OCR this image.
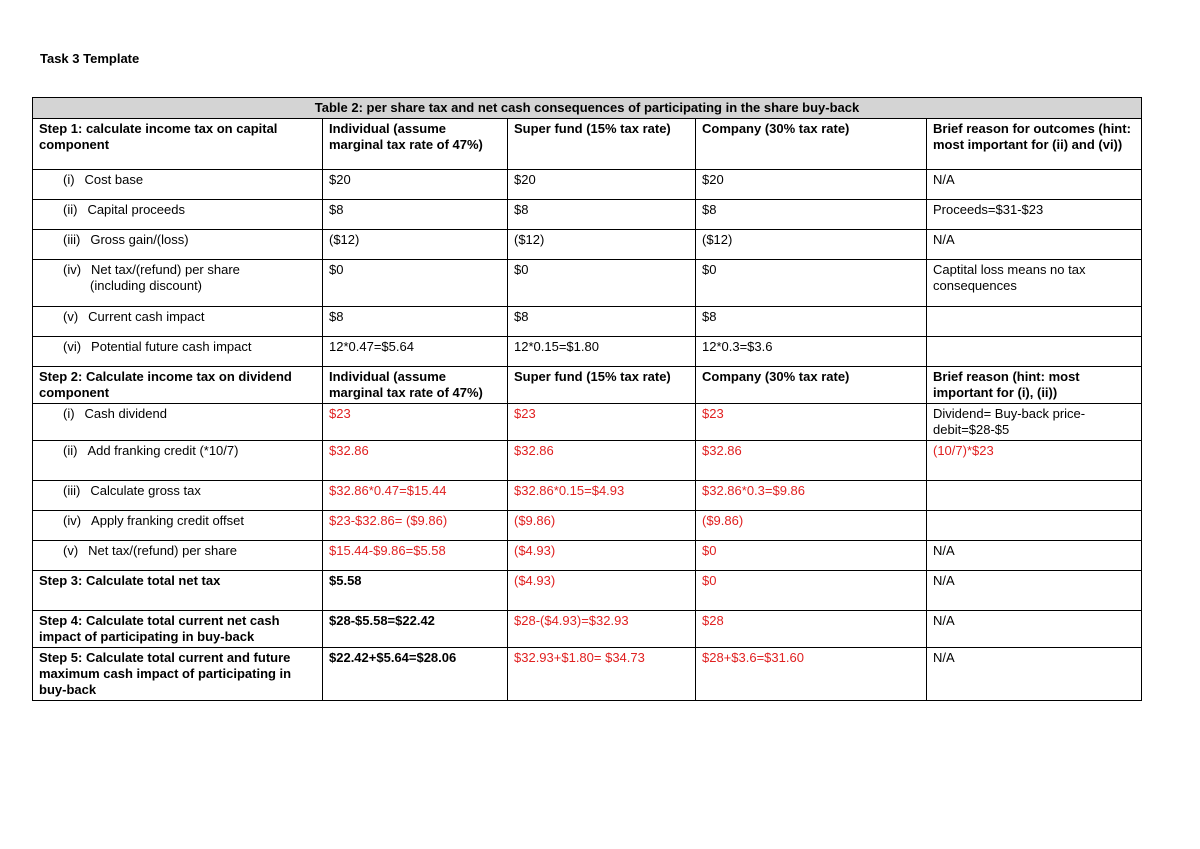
Task 3 Template
Table 2: per share tax and net cash consequences of participating in the share buy-back				
Step 1: calculate income tax on capital component	Individual (assume marginal tax rate of 47%)	Super fund (15% tax rate)	Company (30% tax rate)	Brief reason for outcomes (hint: most important for (ii) and (vi))

(i) Cost base	$20	$20	$20	N/A

(ii) Capital proceeds	$8	$8	$8	Proceeds=$31-$23

(iii) Gross gain/(loss)	($12)	($12)	($12)	N/A

(iv) Net tax/(refund) per share
(including discount)	$0	$0	$0	Captital loss means no tax consequences

(v) Current cash impact	$8	$8	$8	

(vi) Potential future cash impact	12*0.47=$5.64	12*0.15=$1.80	12*0.3=$3.6	
Step 2: Calculate income tax on dividend component	Individual (assume marginal tax rate of 47%)	Super fund (15% tax rate)	Company (30% tax rate)	Brief reason (hint: most important for (i), (ii))

(i) Cash dividend	$23	$23	$23	Dividend= Buy-back price-debit=$28-$5

(ii) Add franking credit (*10/7)	$32.86	$32.86	$32.86	(10/7)*$23

(iii) Calculate gross tax	$32.86*0.47=$15.44	$32.86*0.15=$4.93	$32.86*0.3=$9.86	

(iv) Apply franking credit offset	$23-$32.86= ($9.86)	($9.86)	($9.86)	

(v) Net tax/(refund) per share	$15.44-$9.86=$5.58	($4.93)	$0	N/A
Step 3: Calculate total net tax	$5.58	($4.93)	$0	N/A
Step 4: Calculate total current net cash impact of participating in buy-back	$28-$5.58=$22.42	$28-($4.93)=$32.93	$28	N/A
Step 5: Calculate total current and future maximum cash impact of participating in buy-back	$22.42+$5.64=$28.06	$32.93+$1.80= $34.73	$28+$3.6=$31.60	N/A
